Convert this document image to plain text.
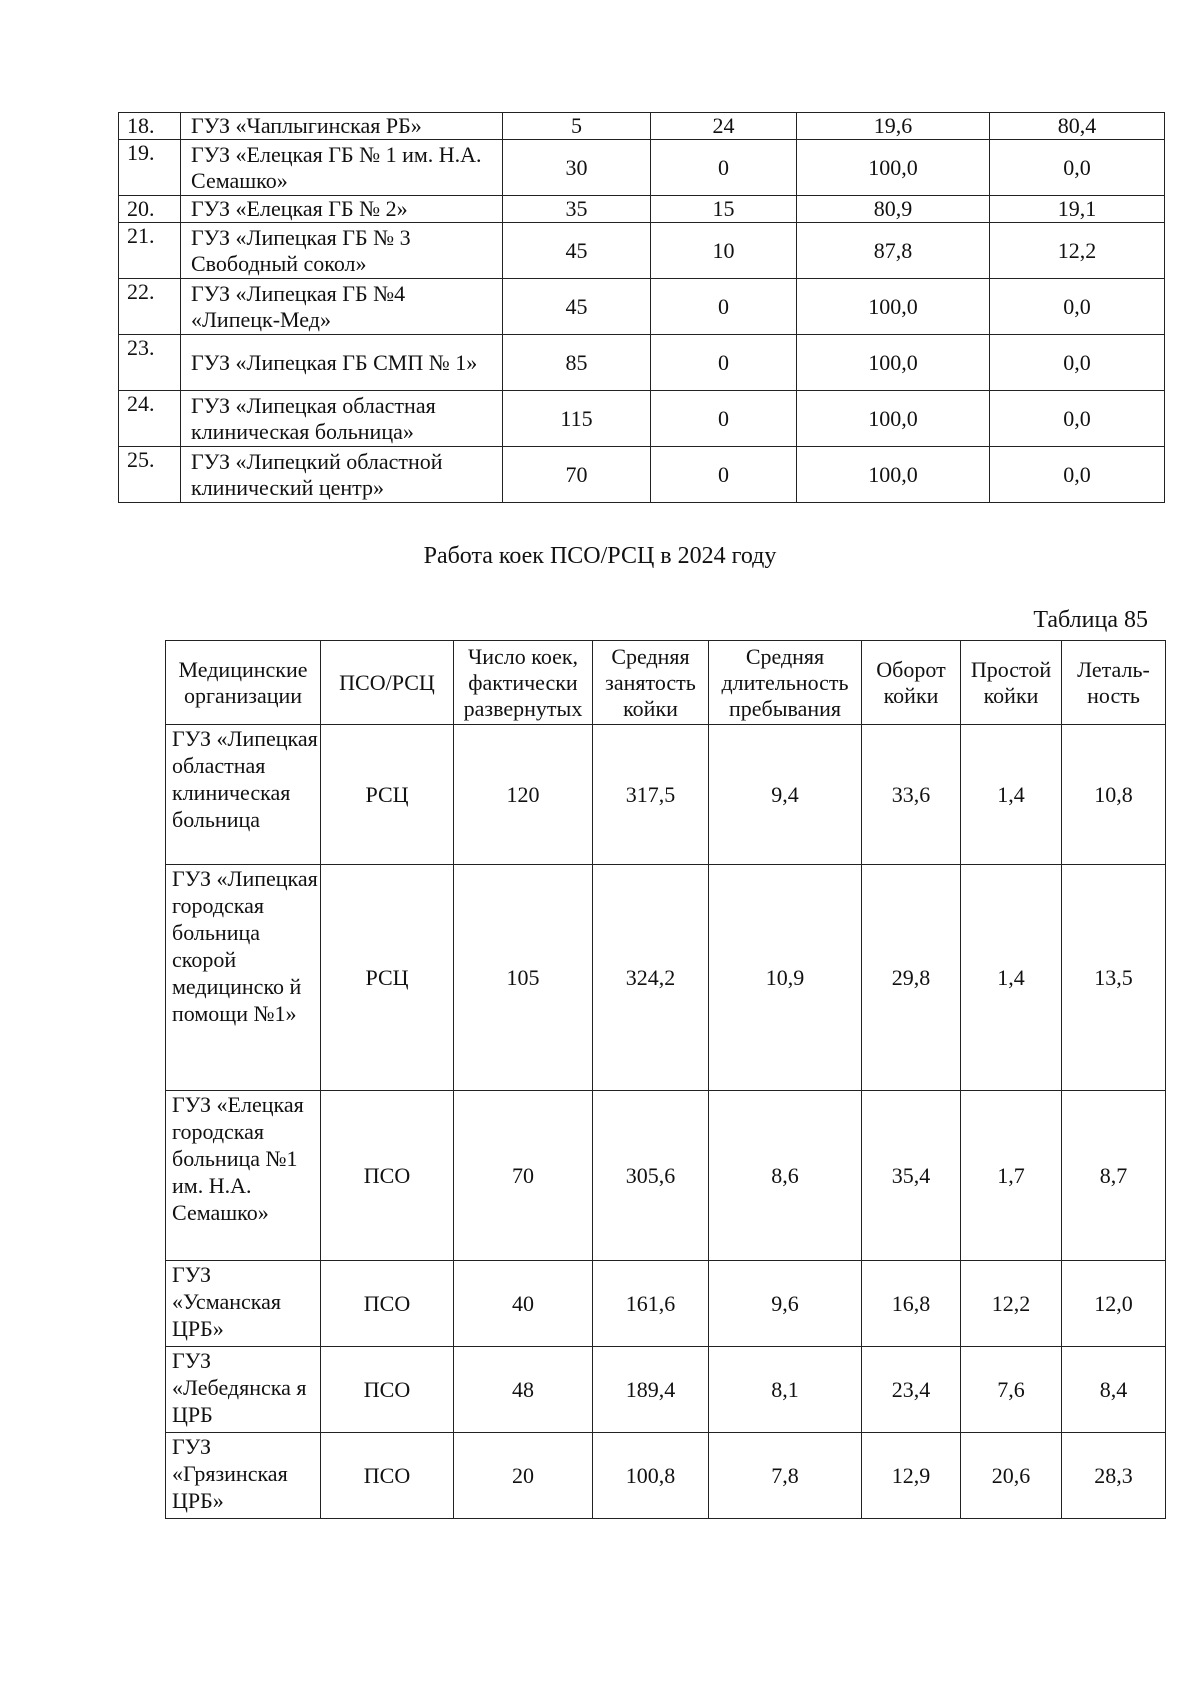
18.	ГУЗ «Чаплыгинская РБ»	5	24	19,6	80,4
19.	ГУЗ «Елецкая ГБ № 1 им. Н.А. Семашко»	30	0	100,0	0,0
20.	ГУЗ «Елецкая ГБ № 2»	35	15	80,9	19,1
21.	ГУЗ «Липецкая ГБ № 3 Свободный сокол»	45	10	87,8	12,2
22.	ГУЗ «Липецкая ГБ №4 «Липецк-Мед»	45	0	100,0	0,0
23.	ГУЗ «Липецкая ГБ СМП № 1»	85	0	100,0	0,0
24.	ГУЗ «Липецкая областная клиническая больница»	115	0	100,0	0,0
25.	ГУЗ «Липецкий областной клинический центр»	70	0	100,0	0,0
Работа коек ПСО/РСЦ в 2024 году
Таблица 85
Медицинские организации	ПСО/РСЦ	Число коек, фактически развернутых	Средняя занятость койки	Средняя длительность пребывания	Оборот койки	Простой койки	Леталь-ность
ГУЗ «Липецкая областная клиническая больница	РСЦ	120	317,5	9,4	33,6	1,4	10,8
ГУЗ «Липецкая городская больница скорой медицинско й помощи №1»	РСЦ	105	324,2	10,9	29,8	1,4	13,5
ГУЗ «Елецкая городская больница №1 им. Н.А. Семашко»	ПСО	70	305,6	8,6	35,4	1,7	8,7
ГУЗ «Усманская ЦРБ»	ПСО	40	161,6	9,6	16,8	12,2	12,0
ГУЗ «Лебедянска я ЦРБ	ПСО	48	189,4	8,1	23,4	7,6	8,4
ГУЗ «Грязинская ЦРБ»	ПСО	20	100,8	7,8	12,9	20,6	28,3
